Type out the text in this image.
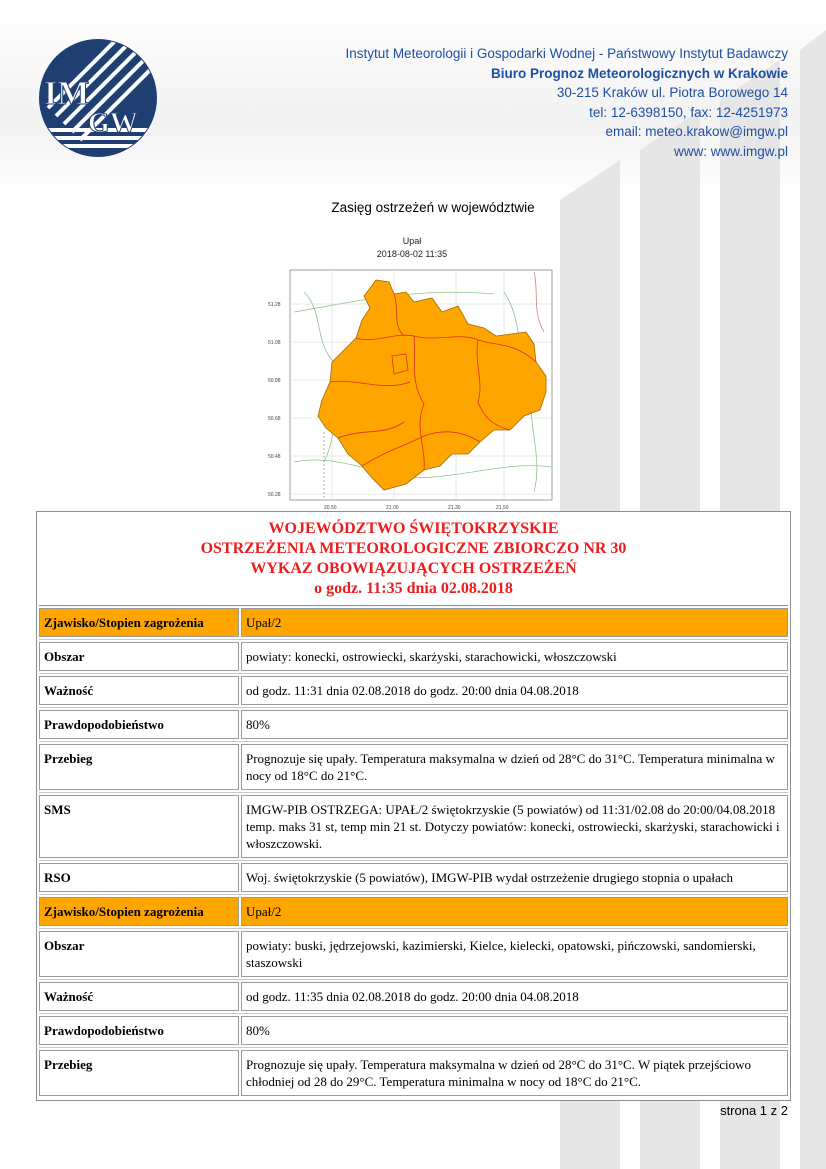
IM
GW
Instytut Meteorologii i Gospodarki Wodnej - Państwowy Instytut Badawczy
Biuro Prognoz Meteorologicznych w Krakowie
30-215 Kraków ul. Piotra Borowego 14
tel: 12-6398150, fax: 12-4251973
email: meteo.krakow@imgw.pl
www: www.imgw.pl
Zasięg ostrzeżeń w województwie
Upał
2018-08-02 11:35
51.28
51.08
50.88
50.68
50.48
50.28
20.50	21.00	21.30	21.50
WOJEWÓDZTWO ŚWIĘTOKRZYSKIE
OSTRZEŻENIA METEOROLOGICZNE ZBIORCZO NR 30
WYKAZ OBOWIĄZUJĄCYCH OSTRZEŻEŃ
o godz. 11:35 dnia 02.08.2018
Zjawisko/Stopien zagrożenia	Upał/2
Obszar	powiaty: konecki, ostrowiecki, skarżyski, starachowicki, włoszczowski
Ważność	od godz. 11:31 dnia 02.08.2018 do godz. 20:00 dnia 04.08.2018
Prawdopodobieństwo	80%
Przebieg	Prognozuje się upały. Temperatura maksymalna w dzień od 28°C do 31°C. Temperatura minimalna w nocy od 18°C do 21°C.
SMS	IMGW-PIB OSTRZEGA: UPAŁ/2 świętokrzyskie (5 powiatów) od 11:31/02.08 do 20:00/04.08.2018 temp. maks 31 st, temp min 21 st. Dotyczy powiatów: konecki, ostrowiecki, skarżyski, starachowicki i włoszczowski.
RSO	Woj. świętokrzyskie (5 powiatów), IMGW-PIB wydał ostrzeżenie drugiego stopnia o upałach
Zjawisko/Stopien zagrożenia	Upał/2
Obszar	powiaty: buski, jędrzejowski, kazimierski, Kielce, kielecki, opatowski, pińczowski, sandomierski, staszowski
Ważność	od godz. 11:35 dnia 02.08.2018 do godz. 20:00 dnia 04.08.2018
Prawdopodobieństwo	80%
Przebieg	Prognozuje się upały. Temperatura maksymalna w dzień od 28°C do 31°C. W piątek przejściowo chłodniej od 28 do 29°C. Temperatura minimalna w nocy od 18°C do 21°C.
strona 1 z 2
